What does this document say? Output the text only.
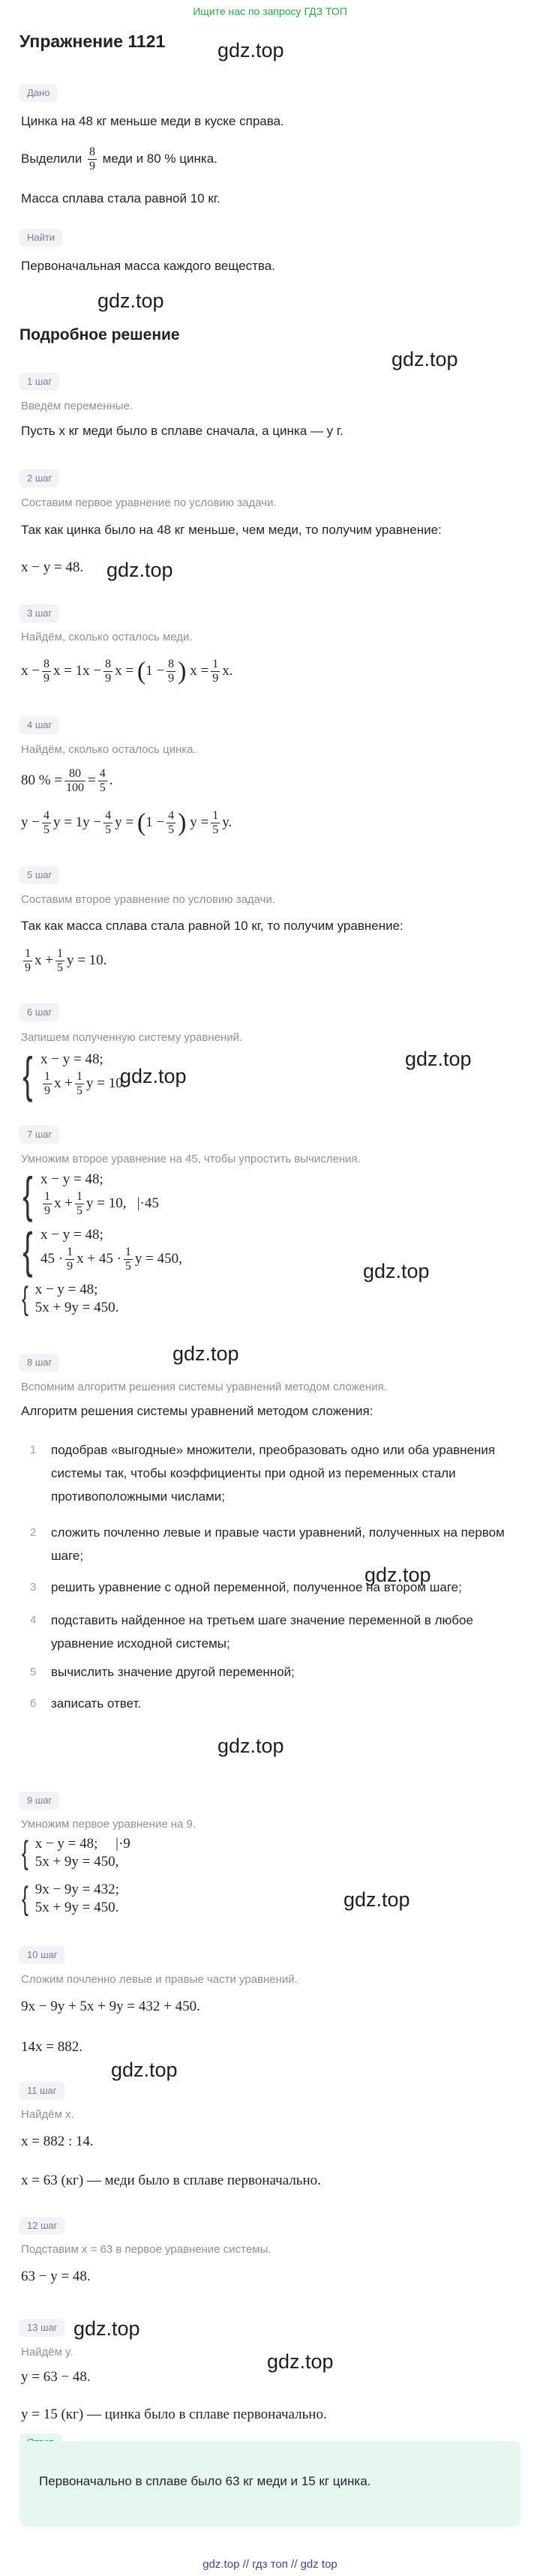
Ищите нас по запросу ГДЗ ТОП
Упражнение 1121	gdz.top
gdz.top
gdz.top
gdz.top
gdz.top
gdz.top
gdz.top
gdz.top
gdz.top
gdz.top
gdz.top
gdz.top
gdz.top
gdz.top
Дано
Цинка на 48 кг меньше меди в куске справа.
Выделили $\frac{8}{9}$ меди и 80 % цинка.
Масса сплава стала равной 10 кг.
Найти
Первоначальная масса каждого вещества.
Подробное решение
1 шаг
Введём переменные.
Пусть x кг меди было в сплаве сначала, а цинка — y г.
2 шаг
Составим первое уравнение по условию задачи.
Так как цинка было на 48 кг меньше, чем меди, то получим уравнение:
x − y = 48.
3 шаг
Найдём, сколько осталось меди.
$x - \frac{8}{9}$ $x = 1x - \frac{8}{9}$ $x = (1 - \frac{8}{9}$ ) $x = \frac{1}{9} x$.
4 шаг
Найдём, сколько осталось цинка.
80 % = $\frac{80}{100} = \frac{4}{5}$ .
$y - \frac{4}{5}$ $y = 1y - \frac{4}{5}$ $y = (1 - \frac{4}{5}$ ) $y = \frac{1}{5} y$.
5 шаг
Составим второе уравнение по условию задачи.
Так как масса сплава стала равной 10 кг, то получим уравнение:
$\frac{1}{9}$ $x + \frac{1}{5}$ y = 10.
6 шаг
Запишем полученную систему уравнений.
{ x − y = 48;
$\frac{1}{9}$ $x + \frac{1}{5}$ y = 10.
7 шаг
Умножим второе уравнение на 45, чтобы упростить вычисления.
{ x − y = 48;
$\frac{1}{9}$ $x + \frac{1}{5}$ y = 10,   |·45
{ x − y = 48;
$45 \cdot \frac{1}{9}$ $x + 45 \cdot \frac{1}{5}$ y = 450,
{ x − y = 48;
5x + 9y = 450.
8 шаг
Вспомним алгоритм решения системы уравнений методом сложения.
Алгоритм решения системы уравнений методом сложения:
1 подобрав «выгодные» множители, преобразовать одно или оба уравнения системы так, чтобы коэффициенты при одной из переменных стали противоположными числами;
2 сложить почленно левые и правые части уравнений, полученных на первом шаге;
3 решить уравнение с одной переменной, полученное на втором шаге;
4 подставить найденное на третьем шаге значение переменной в любое уравнение исходной системы;
5 вычислить значение другой переменной;
6 записать ответ.
9 шаг
Умножим первое уравнение на 9.
{ x − y = 48;     |·9
5x + 9y = 450,
{ 9x − 9y = 432;
5x + 9y = 450.
10 шаг
Сложим почленно левые и правые части уравнений.
9x − 9y + 5x + 9y = 432 + 450.
14x = 882.
11 шаг
Найдём x.
x = 882 : 14.
x = 63 (кг) — меди было в сплаве первоначально.
12 шаг
Подставим x = 63 в первое уравнение системы.
63 − y = 48.
13 шаг
Найдём y.
y = 63 − 48.
y = 15 (кг) — цинка было в сплаве первоначально.
Первоначально в сплаве было 63 кг меди и 15 кг цинка.
gdz.top // гдз топ // gdz top
